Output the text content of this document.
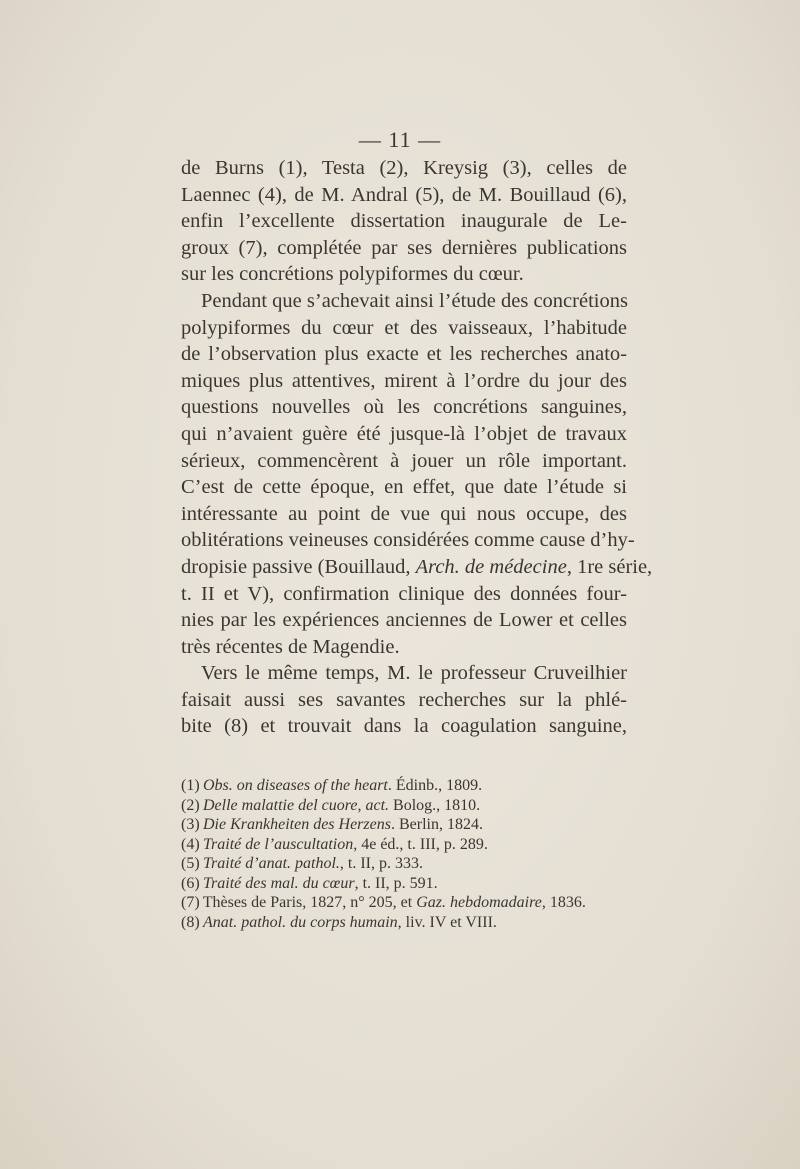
— 11 —
de Burns (1), Testa (2), Kreysig (3), celles de
Laennec (4), de M. Andral (5), de M. Bouillaud (6),
enfin l’excellente dissertation inaugurale de Le-
groux (7), complétée par ses dernières publications
sur les concrétions polypiformes du cœur.
Pendant que s’achevait ainsi l’étude des concrétions
polypiformes du cœur et des vaisseaux, l’habitude
de l’observation plus exacte et les recherches anato-
miques plus attentives, mirent à l’ordre du jour des
questions nouvelles où les concrétions sanguines,
qui n’avaient guère été jusque-là l’objet de travaux
sérieux, commencèrent à jouer un rôle important.
C’est de cette époque, en effet, que date l’étude si
intéressante au point de vue qui nous occupe, des
oblitérations veineuses considérées comme cause d’hy-
dropisie passive (Bouillaud, Arch. de médecine, 1re série,
t. II et V), confirmation clinique des données four-
nies par les expériences anciennes de Lower et celles
très récentes de Magendie.
Vers le même temps, M. le professeur Cruveilhier
faisait aussi ses savantes recherches sur la phlé-
bite (8) et trouvait dans la coagulation sanguine,
(1) Obs. on diseases of the heart. Édinb., 1809.
(2) Delle malattie del cuore, act. Bolog., 1810.
(3) Die Krankheiten des Herzens. Berlin, 1824.
(4) Traité de l’auscultation, 4e éd., t. III, p. 289.
(5) Traité d’anat. pathol., t. II, p. 333.
(6) Traité des mal. du cœur, t. II, p. 591.
(7) Thèses de Paris, 1827, n° 205, et Gaz. hebdomadaire, 1836.
(8) Anat. pathol. du corps humain, liv. IV et VIII.
